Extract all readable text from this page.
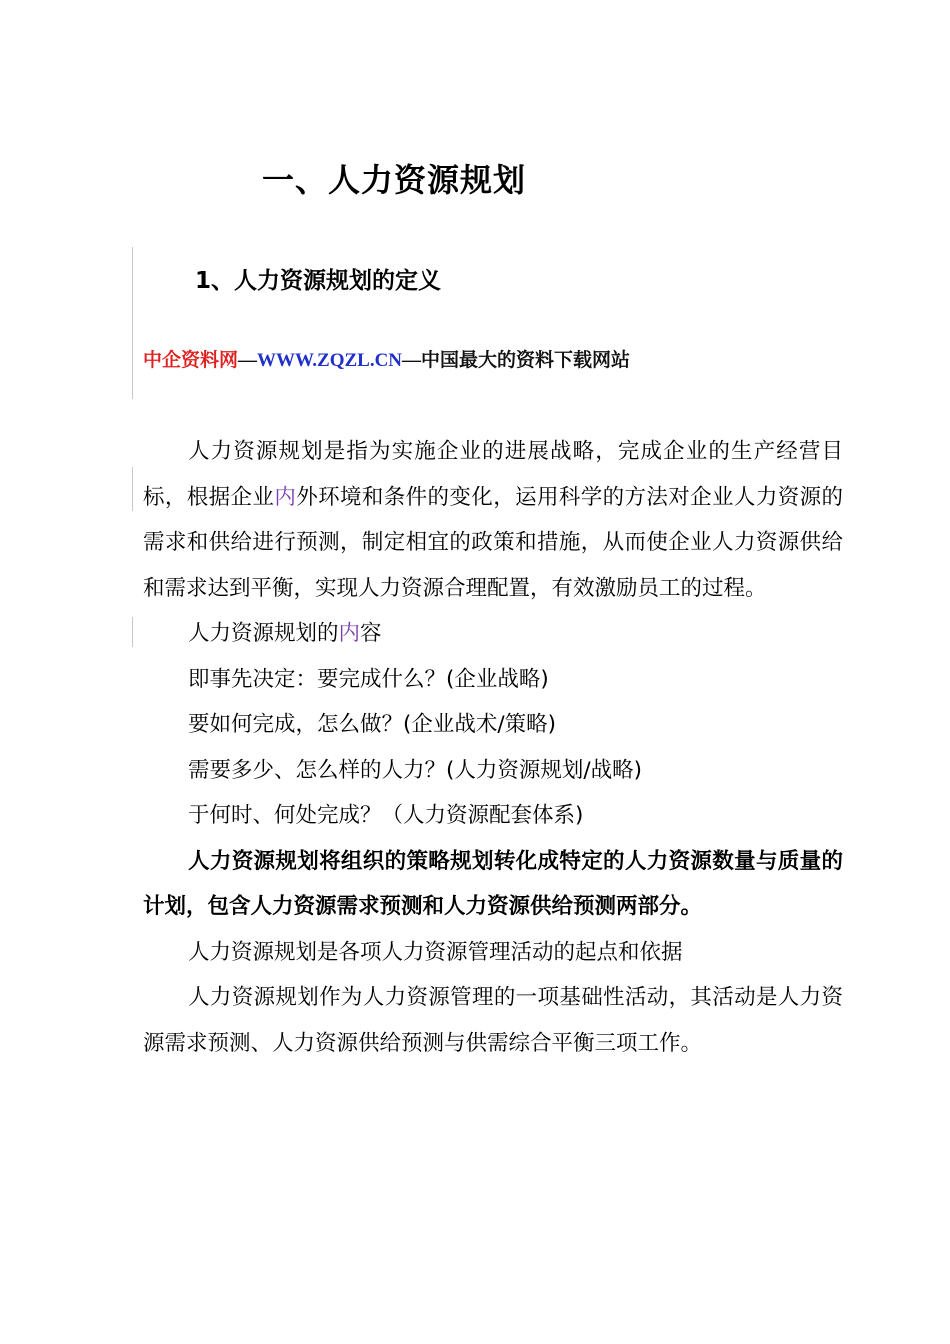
一、人力资源规划
1、人力资源规划的定义
中企资料网—WWW.ZQZL.CN—中国最大的资料下载网站

人力资源规划是指为实施企业的进展战略，完成企业的生产经营目标，根据企业内外环境和条件的变化，运用科学的方法对企业人力资源的需求和供给进行预测，制定相宜的政策和措施，从而使企业人力资源供给和需求达到平衡，实现人力资源合理配置，有效激励员工的过程。

人力资源规划的内容

即事先决定：要完成什么？(企业战略)

要如何完成，怎么做？(企业战术/策略)

需要多少、怎么样的人力？(人力资源规划/战略)

于何时、何处完成？（人力资源配套体系)

人力资源规划将组织的策略规划转化成特定的人力资源数量与质量的计划，包含人力资源需求预测和人力资源供给预测两部分。

人力资源规划是各项人力资源管理活动的起点和依据

人力资源规划作为人力资源管理的一项基础性活动，其活动是人力资源需求预测、人力资源供给预测与供需综合平衡三项工作。
